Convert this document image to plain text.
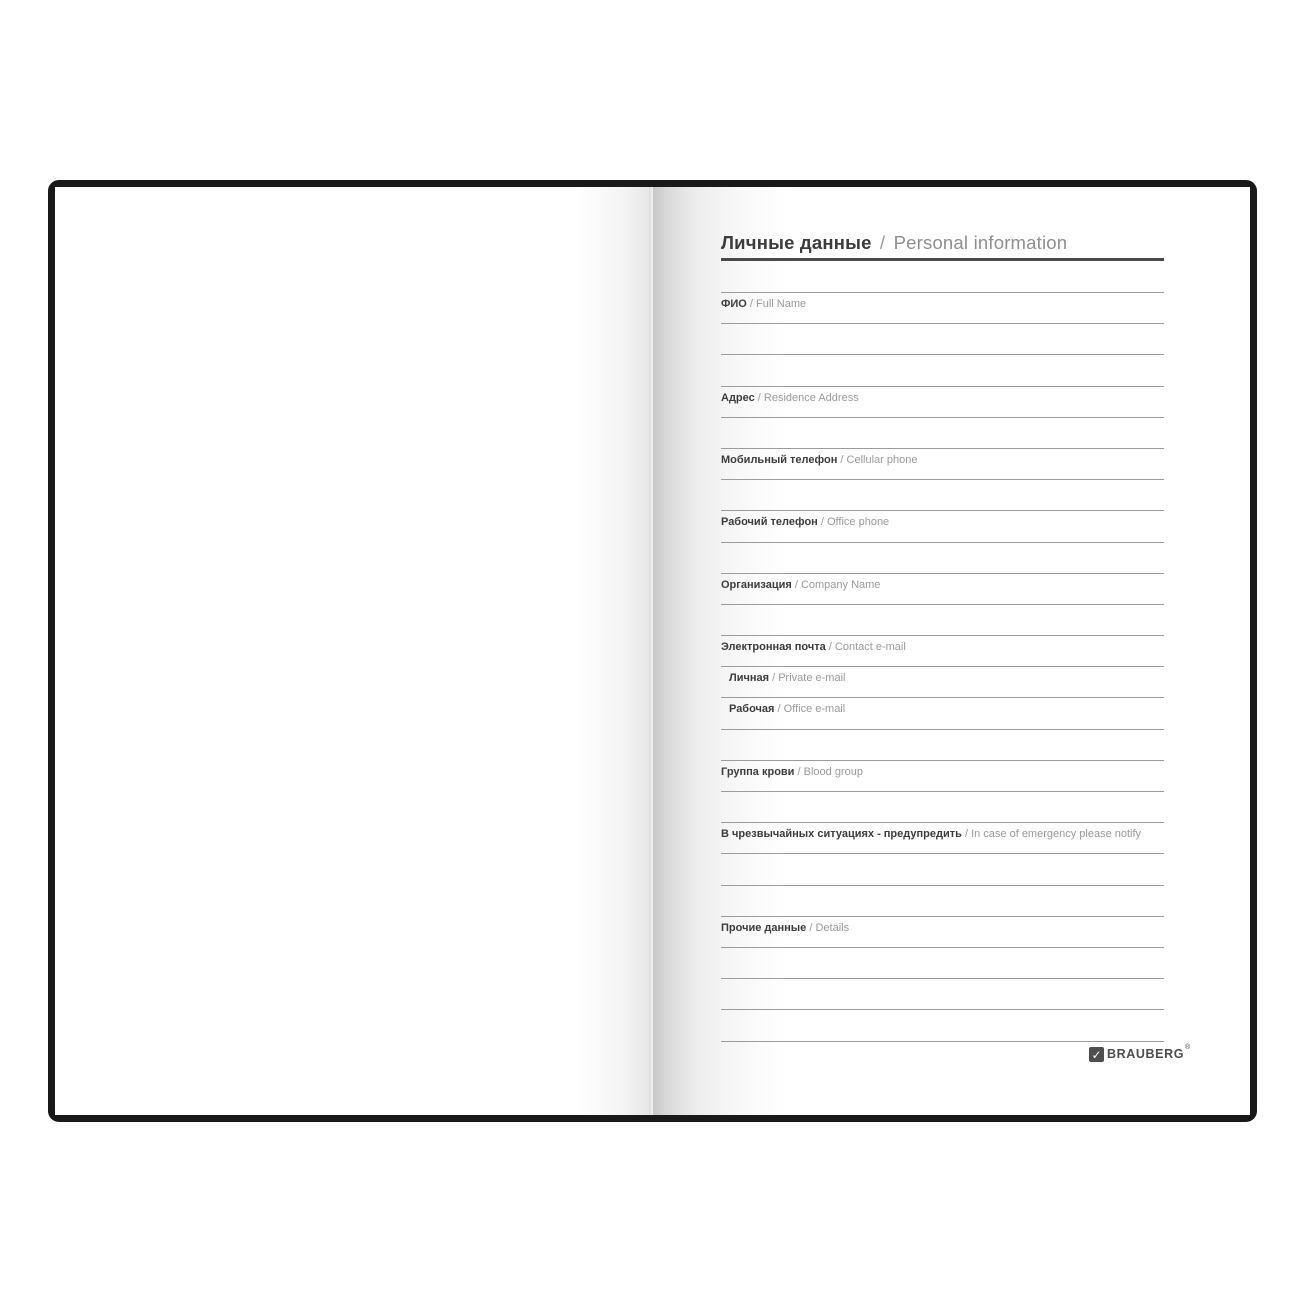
Личные данные / Personal information
ФИО / Full Name
Адрес / Residence Address
Мобильный телефон / Cellular phone
Рабочий телефон / Office phone
Организация / Company Name
Электронная почта / Contact e-mail
Личная / Private e-mail
Рабочая / Office e-mail
Группа крови / Blood group
В чрезвычайных ситуациях - предупредить / In case of emergency please notify
Прочие данные / Details
✓ BRAUBERG ®
